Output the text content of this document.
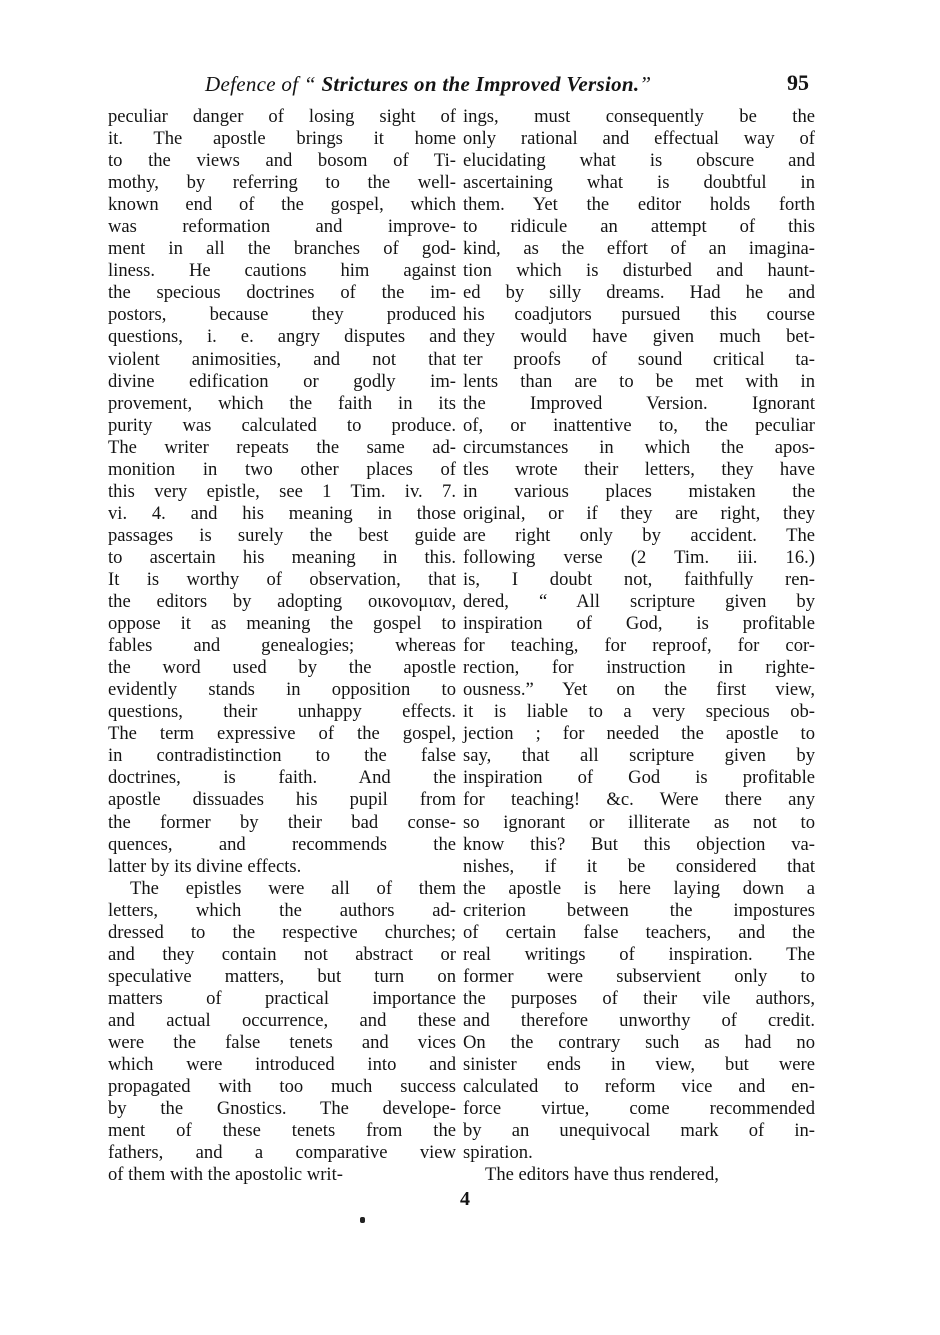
Defence of “ Strictures on the Improved Version.”	95
peculiar danger of losing sight of
it. The apostle brings it home
to the views and bosom of Ti-
mothy, by referring to the well-
known end of the gospel, which
was reformation and improve-
ment in all the branches of god-
liness. He cautions him against
the specious doctrines of the im-
postors, because they produced
questions, i. e. angry disputes and
violent animosities, and not that
divine edification or godly im-
provement, which the faith in its
purity was calculated to produce.
The writer repeats the same ad-
monition in two other places of
this very epistle, see 1 Tim. iv. 7.
vi. 4. and his meaning in those
passages is surely the best guide
to ascertain his meaning in this.
It is worthy of observation, that
the editors by adopting οικονομιαν,
oppose it as meaning the gospel to
fables and genealogies; whereas
the word used by the apostle
evidently stands in opposition to
questions, their unhappy effects.
The term expressive of the gospel,
in contradistinction to the false
doctrines, is faith. And the
apostle dissuades his pupil from
the former by their bad conse-
quences, and recommends the
latter by its divine effects.
The epistles were all of them
letters, which the authors ad-
dressed to the respective churches;
and they contain not abstract or
speculative matters, but turn on
matters of practical importance
and actual occurrence, and these
were the false tenets and vices
which were introduced into and
propagated with too much success
by the Gnostics. The develope-
ment of these tenets from the
fathers, and a comparative view
of them with the apostolic writ-
ings, must consequently be the
only rational and effectual way of
elucidating what is obscure and
ascertaining what is doubtful in
them. Yet the editor holds forth
to ridicule an attempt of this
kind, as the effort of an imagina-
tion which is disturbed and haunt-
ed by silly dreams. Had he and
his coadjutors pursued this course
they would have given much bet-
ter proofs of sound critical ta-
lents than are to be met with in
the Improved Version. Ignorant
of, or inattentive to, the peculiar
circumstances in which the apos-
tles wrote their letters, they have
in various places mistaken the
original, or if they are right, they
are right only by accident. The
following verse (2 Tim. iii. 16.)
is, I doubt not, faithfully ren-
dered, “ All scripture given by
inspiration of God, is profitable
for teaching, for reproof, for cor-
rection, for instruction in righte-
ousness.” Yet on the first view,
it is liable to a very specious ob-
jection ; for needed the apostle to
say, that all scripture given by
inspiration of God is profitable
for teaching! &c. Were there any
so ignorant or illiterate as not to
know this? But this objection va-
nishes, if it be considered that
the apostle is here laying down a
criterion between the impostures
of certain false teachers, and the
real writings of inspiration. The
former were subservient only to
the purposes of their vile authors,
and therefore unworthy of credit.
On the contrary such as had no
sinister ends in view, but were
calculated to reform vice and en-
force virtue, come recommended
by an unequivocal mark of in-
spiration.
The editors have thus rendered,
4
